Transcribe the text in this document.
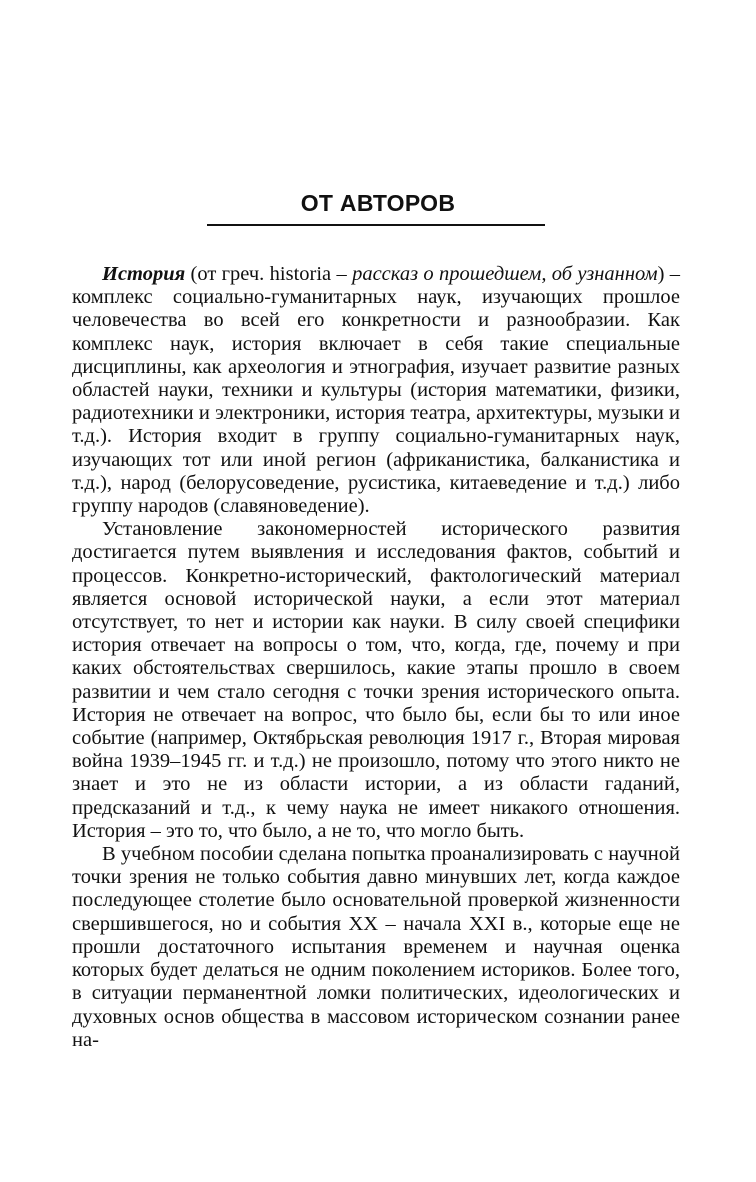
ОТ АВТОРОВ

История (от греч. historia – рассказ о прошедшем, об узнанном) – комплекс социально-гуманитарных наук, изучающих прошлое человечества во всей его конкретности и разнообразии. Как комплекс наук, история включает в себя такие специальные дисциплины, как археология и этнография, изучает развитие разных областей науки, техники и культуры (история математики, физики, радиотехники и электроники, история театра, архитектуры, музыки и т.д.). История входит в группу социально-гуманитарных наук, изучающих тот или иной регион (африканистика, балканистика и т.д.), народ (белорусоведение, русистика, китаеведение и т.д.) либо группу народов (славяноведение).

Установление закономерностей исторического развития достигается путем выявления и исследования фактов, событий и процессов. Конкретно-исторический, фактологический материал является основой исторической науки, а если этот материал отсутствует, то нет и истории как науки. В силу своей специфики история отвечает на вопросы о том, что, когда, где, почему и при каких обстоятельствах свершилось, какие этапы прошло в своем развитии и чем стало сегодня с точки зрения исторического опыта. История не отвечает на вопрос, что было бы, если бы то или иное событие (например, Октябрьская революция 1917 г., Вторая мировая война 1939–1945 гг. и т.д.) не произошло, потому что этого никто не знает и это не из области истории, а из области гаданий, предсказаний и т.д., к чему наука не имеет никакого отношения. История – это то, что было, а не то, что могло быть.

В учебном пособии сделана попытка проанализировать с научной точки зрения не только события давно минувших лет, когда каждое последующее столетие было основательной проверкой жизненности свершившегося, но и события XX – начала XXI в., которые еще не прошли достаточного испытания временем и научная оценка которых будет делаться не одним поколением историков. Более того, в ситуации перманентной ломки политических, идеологических и духовных основ общества в массовом историческом сознании ранее на-
